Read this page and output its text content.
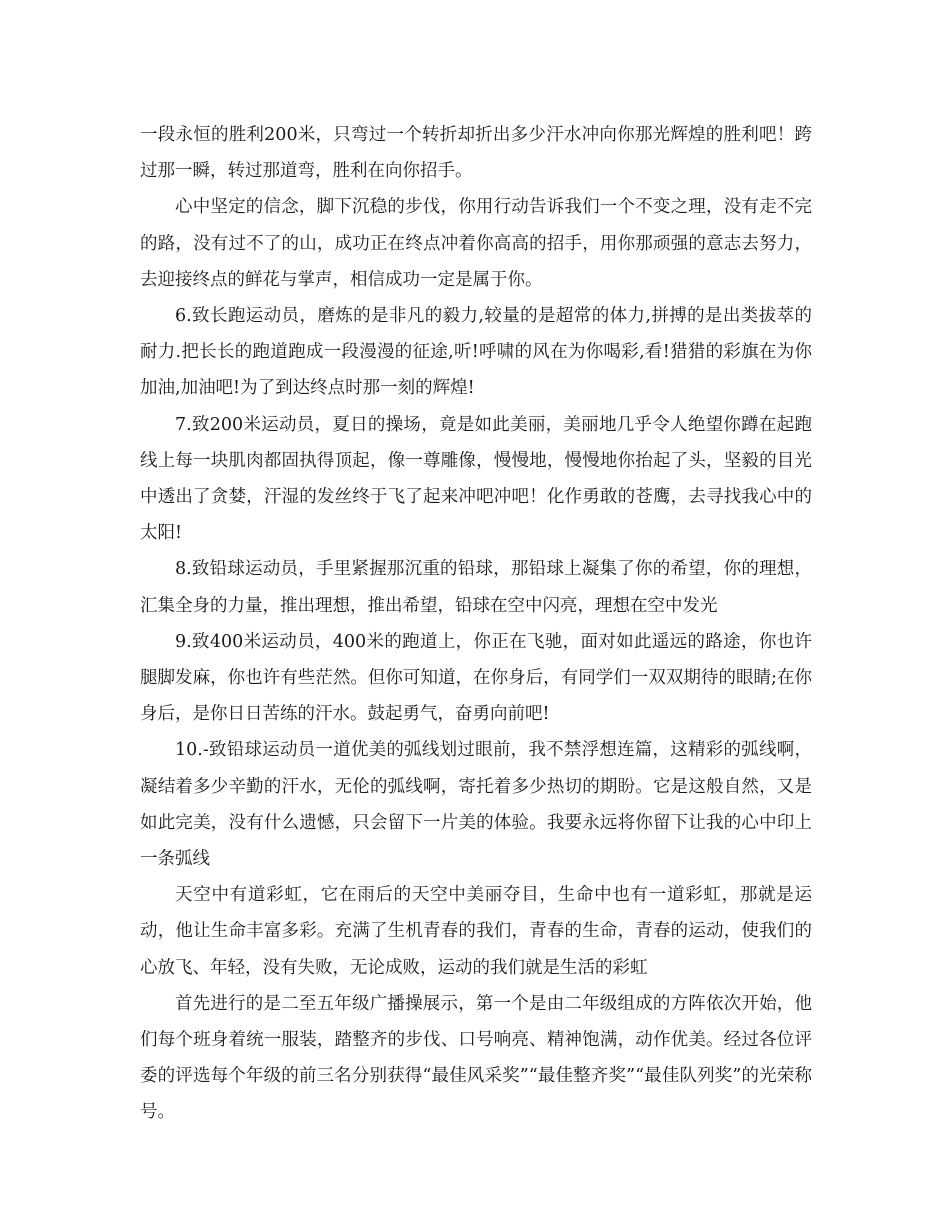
一段永恒的胜利200米，只弯过一个转折却折出多少汗水冲向你那光辉煌的胜利吧！跨过那一瞬，转过那道弯，胜利在向你招手。

心中坚定的信念，脚下沉稳的步伐，你用行动告诉我们一个不变之理，没有走不完的路，没有过不了的山，成功正在终点冲着你高高的招手，用你那顽强的意志去努力，去迎接终点的鲜花与掌声，相信成功一定是属于你。

6.致长跑运动员，磨炼的是非凡的毅力,较量的是超常的体力,拼搏的是出类拔萃的耐力.把长长的跑道跑成一段漫漫的征途,听!呼啸的风在为你喝彩,看!猎猎的彩旗在为你加油,加油吧!为了到达终点时那一刻的辉煌!

7.致200米运动员，夏日的操场，竟是如此美丽，美丽地几乎令人绝望你蹲在起跑线上每一块肌肉都固执得顶起，像一尊雕像，慢慢地，慢慢地你抬起了头，坚毅的目光中透出了贪婪，汗湿的发丝终于飞了起来冲吧冲吧！化作勇敢的苍鹰，去寻找我心中的太阳!

8.致铅球运动员，手里紧握那沉重的铅球，那铅球上凝集了你的希望，你的理想，汇集全身的力量，推出理想，推出希望，铅球在空中闪亮，理想在空中发光

9.致400米运动员，400米的跑道上，你正在飞驰，面对如此遥远的路途，你也许腿脚发麻，你也许有些茫然。但你可知道，在你身后，有同学们一双双期待的眼睛;在你身后，是你日日苦练的汗水。鼓起勇气，奋勇向前吧!

10.-致铅球运动员一道优美的弧线划过眼前，我不禁浮想连篇，这精彩的弧线啊，凝结着多少辛勤的汗水，无伦的弧线啊，寄托着多少热切的期盼。它是这般自然，又是如此完美，没有什么遗憾，只会留下一片美的体验。我要永远将你留下让我的心中印上一条弧线

天空中有道彩虹，它在雨后的天空中美丽夺目，生命中也有一道彩虹，那就是运动，他让生命丰富多彩。充满了生机青春的我们，青春的生命，青春的运动，使我们的心放飞、年轻，没有失败，无论成败，运动的我们就是生活的彩虹

首先进行的是二至五年级广播操展示，第一个是由二年级组成的方阵依次开始，他们每个班身着统一服装，踏整齐的步伐、口号响亮、精神饱满，动作优美。经过各位评委的评选每个年级的前三名分别获得“最佳风采奖”“最佳整齐奖”“最佳队列奖”的光荣称号。
